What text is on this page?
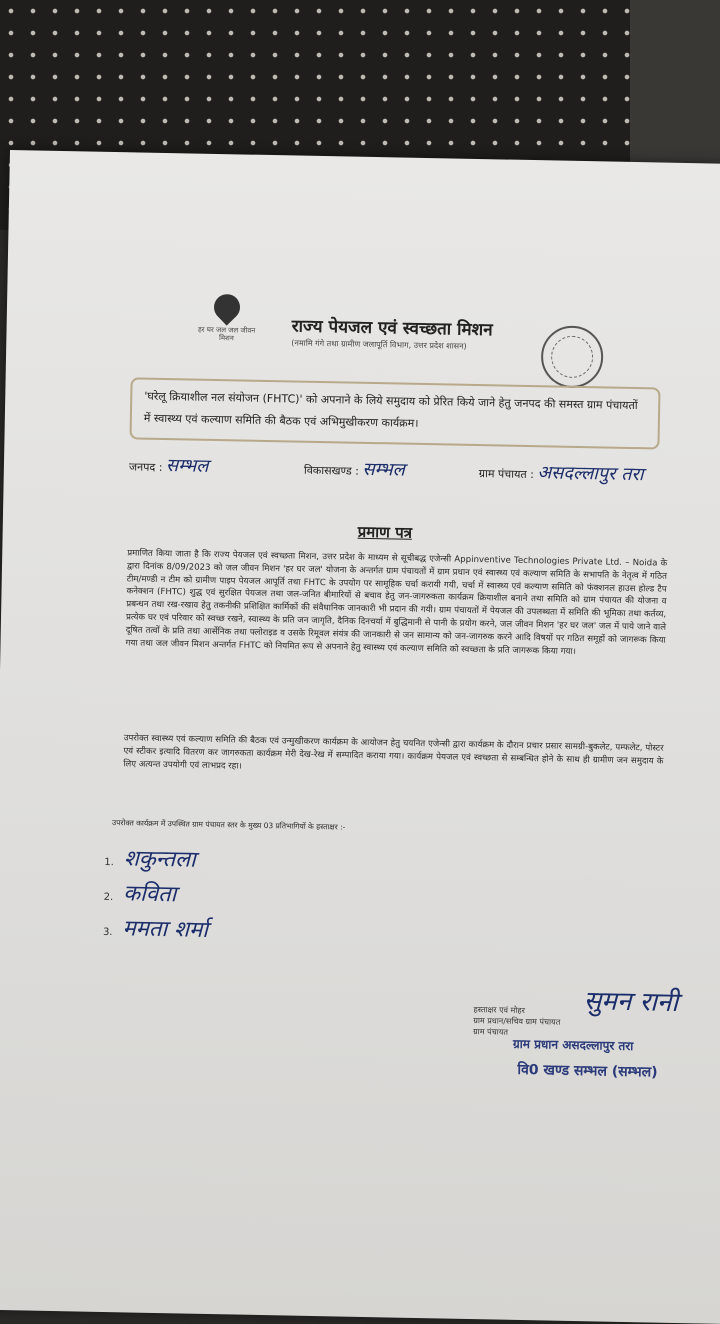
हर घर जल जल जीवन मिशन	राज्य पेयजल एवं स्वच्छता मिशन
(नमामि गंगे तथा ग्रामीण जलापूर्ति विभाग, उत्तर प्रदेश शासन)
'घरेलू क्रियाशील नल संयोजन (FHTC)' को अपनाने के लिये समुदाय को प्रेरित किये जाने हेतु जनपद की समस्त ग्राम पंचायतों में स्वास्थ्य एवं कल्याण समिति की बैठक एवं अभिमुखीकरण कार्यक्रम।
जनपद : सम्भल	विकासखण्ड : सम्भल	ग्राम पंचायत : असदल्लापुर तरा
प्रमाण पत्र
प्रमाणित किया जाता है कि राज्य पेयजल एवं स्वच्छता मिशन, उत्तर प्रदेश के माध्यम से सूचीबद्ध एजेन्सी Appinventive Technologies Private Ltd. – Noida के द्वारा दिनांक 8/09/2023 को जल जीवन मिशन 'हर घर जल' योजना के अन्तर्गत ग्राम पंचायतों में ग्राम प्रधान एवं स्वास्थ्य एवं कल्याण समिति के सभापति के नेतृत्व में गठित टीम/मण्डी न टीम को ग्रामीण पाइप पेयजल आपूर्ति तथा FHTC के उपयोग पर सामूहिक चर्चा करायी गयी, चर्चा में स्वास्थ्य एवं कल्याण समिति को फंक्शनल हाउस होल्ड टैप कनेक्शन (FHTC) शुद्ध एवं सुरक्षित पेयजल तथा जल-जनित बीमारियों से बचाव हेतु जन-जागरुकता कार्यक्रम क्रियाशील बनाने तथा समिति को ग्राम पंचायत की योजना व प्रबन्धन तथा रख-रखाव हेतु तकनीकी प्रशिक्षित कार्मिकों की संवैधानिक जानकारी भी प्रदान की गयी। ग्राम पंचायतों में पेयजल की उपलब्धता में समिति की भूमिका तथा कर्तव्य, प्रत्येक घर एवं परिवार को स्वच्छ रखने, स्वास्थ्य के प्रति जन जागृति, दैनिक दिनचर्या में बुद्धिमानी से पानी के प्रयोग करने, जल जीवन मिशन 'हर घर जल' जल में पाये जाने वाले दूषित तत्वों के प्रति तथा आर्सेनिक तथा फ्लोराइड व उसके रिमूवल संयंत्र की जानकारी से जन सामान्य को जन-जागरुक करने आदि विषयों पर गठित समूहों को जागरूक किया गया तथा जल जीवन मिशन अन्तर्गत FHTC को नियमित रूप से अपनाने हेतु स्वास्थ्य एवं कल्याण समिति को स्वच्छता के प्रति जागरूक किया गया।
उपरोक्त स्वास्थ्य एवं कल्याण समिति की बैठक एवं उन्मुखीकरण कार्यक्रम के आयोजन हेतु चयनित एजेन्सी द्वारा कार्यक्रम के दौरान प्रचार प्रसार सामग्री-बुकलेट, पम्फलेट, पोस्टर एवं स्टीकर इत्यादि वितरण कर जागरुकता कार्यक्रम मेरी देख-रेख में सम्पादित कराया गया। कार्यक्रम पेयजल एवं स्वच्छता से सम्बन्धित होने के साथ ही ग्रामीण जन समुदाय के लिए अत्यन्त उपयोगी एवं लाभप्रद रहा।
उपरोक्त कार्यक्रम में उपस्थित ग्राम पंचायत स्तर के मुख्य 03 प्रतिभागियों के हस्ताक्षर :-
1. शकुन्तला
2. कविता
3. ममता शर्मा
सुमन रानी
हस्ताक्षर एवं मोहर
ग्राम प्रधान/सचिव ग्राम पंचायत
ग्राम पंचायत
ग्राम प्रधान असदल्लापुर तरा
वि0 खण्ड सम्भल (सम्भल)
